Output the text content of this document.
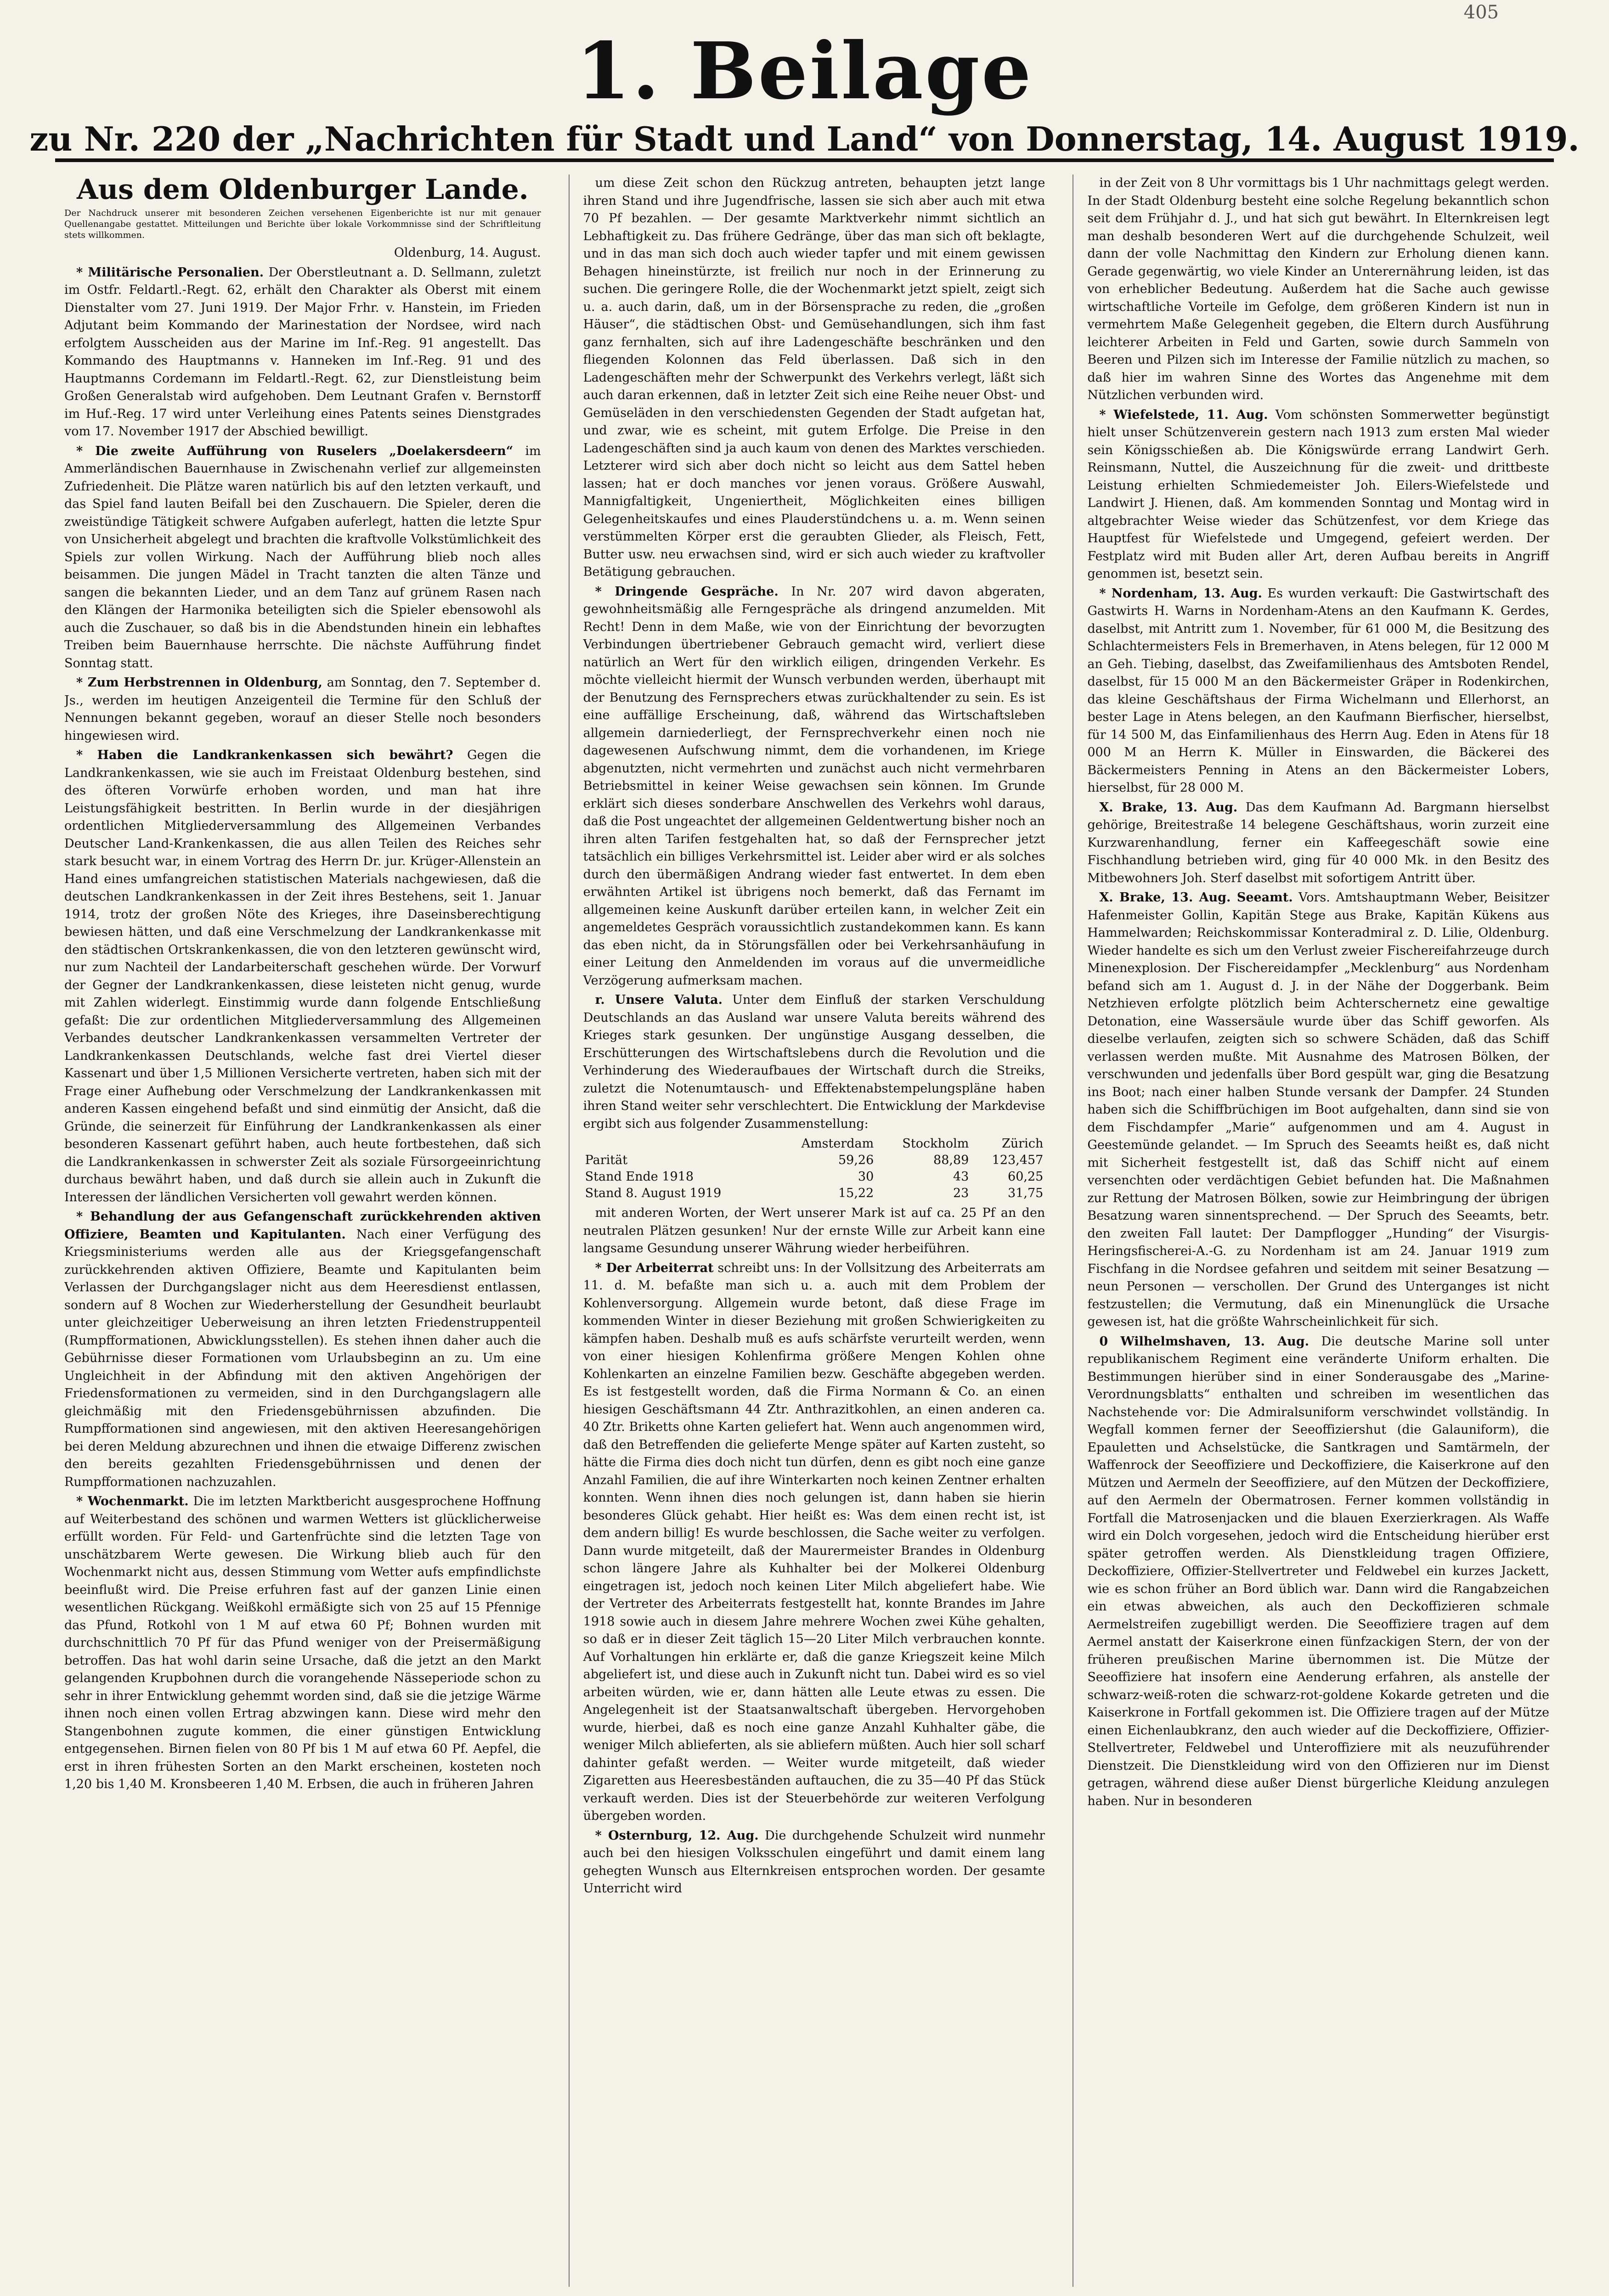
405
1. Beilage
zu Nr. 220 der „Nachrichten für Stadt und Land“ von Donnerstag, 14. August 1919.
Aus dem Oldenburger Lande.
Der Nachdruck unserer mit besonderen Zeichen versehenen Eigenberichte ist nur mit genauer Quellenangabe gestattet. Mitteilungen und Berichte über lokale Vorkommnisse sind der Schriftleitung stets willkommen.
Oldenburg, 14. August.

* Militärische Personalien. Der Oberstleutnant a. D. Sellmann, zuletzt im Ostfr. Feldartl.-Regt. 62, erhält den Charakter als Oberst mit einem Dienstalter vom 27. Juni 1919. Der Major Frhr. v. Hanstein, im Frieden Adjutant beim Kommando der Marinestation der Nordsee, wird nach erfolgtem Ausscheiden aus der Marine im Inf.-Reg. 91 angestellt. Das Kommando des Hauptmanns v. Hanneken im Inf.-Reg. 91 und des Hauptmanns Cordemann im Feldartl.-Regt. 62, zur Dienstleistung beim Großen Generalstab wird aufgehoben. Dem Leutnant Grafen v. Bernstorff im Huf.-Reg. 17 wird unter Verleihung eines Patents seines Dienstgrades vom 17. November 1917 der Abschied bewilligt.

* Die zweite Aufführung von Ruselers „Doelakersdeern“ im Ammerländischen Bauernhause in Zwischenahn verlief zur allgemeinsten Zufriedenheit. Die Plätze waren natürlich bis auf den letzten verkauft, und das Spiel fand lauten Beifall bei den Zuschauern. Die Spieler, deren die zweistündige Tätigkeit schwere Aufgaben auferlegt, hatten die letzte Spur von Unsicherheit abgelegt und brachten die kraftvolle Volkstümlichkeit des Spiels zur vollen Wirkung. Nach der Aufführung blieb noch alles beisammen. Die jungen Mädel in Tracht tanzten die alten Tänze und sangen die bekannten Lieder, und an dem Tanz auf grünem Rasen nach den Klängen der Harmonika beteiligten sich die Spieler ebensowohl als auch die Zuschauer, so daß bis in die Abendstunden hinein ein lebhaftes Treiben beim Bauernhause herrschte. Die nächste Aufführung findet Sonntag statt.

* Zum Herbstrennen in Oldenburg, am Sonntag, den 7. September d. Js., werden im heutigen Anzeigenteil die Termine für den Schluß der Nennungen bekannt gegeben, worauf an dieser Stelle noch besonders hingewiesen wird.

* Haben die Landkrankenkassen sich bewährt? Gegen die Landkrankenkassen, wie sie auch im Freistaat Oldenburg bestehen, sind des öfteren Vorwürfe erhoben worden, und man hat ihre Leistungsfähigkeit bestritten. In Berlin wurde in der diesjährigen ordentlichen Mitgliederversammlung des Allgemeinen Verbandes Deutscher Land-Krankenkassen, die aus allen Teilen des Reiches sehr stark besucht war, in einem Vortrag des Herrn Dr. jur. Krüger-Allenstein an Hand eines umfangreichen statistischen Materials nachgewiesen, daß die deutschen Landkrankenkassen in der Zeit ihres Bestehens, seit 1. Januar 1914, trotz der großen Nöte des Krieges, ihre Daseinsberechtigung bewiesen hätten, und daß eine Verschmelzung der Landkrankenkasse mit den städtischen Ortskrankenkassen, die von den letzteren gewünscht wird, nur zum Nachteil der Landarbeiterschaft geschehen würde. Der Vorwurf der Gegner der Landkrankenkassen, diese leisteten nicht genug, wurde mit Zahlen widerlegt. Einstimmig wurde dann folgende Entschließung gefaßt: Die zur ordentlichen Mitgliederversammlung des Allgemeinen Verbandes deutscher Landkrankenkassen versammelten Vertreter der Landkrankenkassen Deutschlands, welche fast drei Viertel dieser Kassenart und über 1,5 Millionen Versicherte vertreten, haben sich mit der Frage einer Aufhebung oder Verschmelzung der Landkrankenkassen mit anderen Kassen eingehend befaßt und sind einmütig der Ansicht, daß die Gründe, die seinerzeit für Einführung der Landkrankenkassen als einer besonderen Kassenart geführt haben, auch heute fortbestehen, daß sich die Landkrankenkassen in schwerster Zeit als soziale Fürsorgeeinrichtung durchaus bewährt haben, und daß durch sie allein auch in Zukunft die Interessen der ländlichen Versicherten voll gewahrt werden können.

* Behandlung der aus Gefangenschaft zurückkehrenden aktiven Offiziere, Beamten und Kapitulanten. Nach einer Verfügung des Kriegsministeriums werden alle aus der Kriegsgefangenschaft zurückkehrenden aktiven Offiziere, Beamte und Kapitulanten beim Verlassen der Durchgangslager nicht aus dem Heeresdienst entlassen, sondern auf 8 Wochen zur Wiederherstellung der Gesundheit beurlaubt unter gleichzeitiger Ueberweisung an ihren letzten Friedenstruppenteil (Rumpfformationen, Abwicklungsstellen). Es stehen ihnen daher auch die Gebührnisse dieser Formationen vom Urlaubsbeginn an zu. Um eine Ungleichheit in der Abfindung mit den aktiven Angehörigen der Friedensformationen zu vermeiden, sind in den Durchgangslagern alle gleichmäßig mit den Friedensgebührnissen abzufinden. Die Rumpfformationen sind angewiesen, mit den aktiven Heeresangehörigen bei deren Meldung abzurechnen und ihnen die etwaige Differenz zwischen den bereits gezahlten Friedensgebührnissen und denen der Rumpfformationen nachzuzahlen.

* Wochenmarkt. Die im letzten Marktbericht ausgesprochene Hoffnung auf Weiterbestand des schönen und warmen Wetters ist glücklicherweise erfüllt worden. Für Feld- und Gartenfrüchte sind die letzten Tage von unschätzbarem Werte gewesen. Die Wirkung blieb auch für den Wochenmarkt nicht aus, dessen Stimmung vom Wetter aufs empfindlichste beeinflußt wird. Die Preise erfuhren fast auf der ganzen Linie einen wesentlichen Rückgang. Weißkohl ermäßigte sich von 25 auf 15 Pfennige das Pfund, Rotkohl von 1 M auf etwa 60 Pf; Bohnen wurden mit durchschnittlich 70 Pf für das Pfund weniger von der Preisermäßigung betroffen. Das hat wohl darin seine Ursache, daß die jetzt an den Markt gelangenden Krupbohnen durch die vorangehende Nässeperiode schon zu sehr in ihrer Entwicklung gehemmt worden sind, daß sie die jetzige Wärme ihnen noch einen vollen Ertrag abzwingen kann. Diese wird mehr den Stangenbohnen zugute kommen, die einer günstigen Entwicklung entgegensehen. Birnen fielen von 80 Pf bis 1 M auf etwa 60 Pf. Aepfel, die erst in ihren frühesten Sorten an den Markt erscheinen, kosteten noch 1,20 bis 1,40 M. Kronsbeeren 1,40 M. Erbsen, die auch in früheren Jahren

um diese Zeit schon den Rückzug antreten, behaupten jetzt lange ihren Stand und ihre Jugendfrische, lassen sie sich aber auch mit etwa 70 Pf bezahlen. — Der gesamte Marktverkehr nimmt sichtlich an Lebhaftigkeit zu. Das frühere Gedränge, über das man sich oft beklagte, und in das man sich doch auch wieder tapfer und mit einem gewissen Behagen hineinstürzte, ist freilich nur noch in der Erinnerung zu suchen. Die geringere Rolle, die der Wochenmarkt jetzt spielt, zeigt sich u. a. auch darin, daß, um in der Börsensprache zu reden, die „großen Häuser“, die städtischen Obst- und Gemüsehandlungen, sich ihm fast ganz fernhalten, sich auf ihre Ladengeschäfte beschränken und den fliegenden Kolonnen das Feld überlassen. Daß sich in den Ladengeschäften mehr der Schwerpunkt des Verkehrs verlegt, läßt sich auch daran erkennen, daß in letzter Zeit sich eine Reihe neuer Obst- und Gemüseläden in den verschiedensten Gegenden der Stadt aufgetan hat, und zwar, wie es scheint, mit gutem Erfolge. Die Preise in den Ladengeschäften sind ja auch kaum von denen des Marktes verschieden. Letzterer wird sich aber doch nicht so leicht aus dem Sattel heben lassen; hat er doch manches vor jenen voraus. Größere Auswahl, Mannigfaltigkeit, Ungeniertheit, Möglichkeiten eines billigen Gelegenheitskaufes und eines Plauderstündchens u. a. m. Wenn seinen verstümmelten Körper erst die geraubten Glieder, als Fleisch, Fett, Butter usw. neu erwachsen sind, wird er sich auch wieder zu kraftvoller Betätigung gebrauchen.

* Dringende Gespräche. In Nr. 207 wird davon abgeraten, gewohnheitsmäßig alle Ferngespräche als dringend anzumelden. Mit Recht! Denn in dem Maße, wie von der Einrichtung der bevorzugten Verbindungen übertriebener Gebrauch gemacht wird, verliert diese natürlich an Wert für den wirklich eiligen, dringenden Verkehr. Es möchte vielleicht hiermit der Wunsch verbunden werden, überhaupt mit der Benutzung des Fernsprechers etwas zurückhaltender zu sein. Es ist eine auffällige Erscheinung, daß, während das Wirtschaftsleben allgemein darniederliegt, der Fernsprechverkehr einen noch nie dagewesenen Aufschwung nimmt, dem die vorhandenen, im Kriege abgenutzten, nicht vermehrten und zunächst auch nicht vermehrbaren Betriebsmittel in keiner Weise gewachsen sein können. Im Grunde erklärt sich dieses sonderbare Anschwellen des Verkehrs wohl daraus, daß die Post ungeachtet der allgemeinen Geldentwertung bisher noch an ihren alten Tarifen festgehalten hat, so daß der Fernsprecher jetzt tatsächlich ein billiges Verkehrsmittel ist. Leider aber wird er als solches durch den übermäßigen Andrang wieder fast entwertet. In dem eben erwähnten Artikel ist übrigens noch bemerkt, daß das Fernamt im allgemeinen keine Auskunft darüber erteilen kann, in welcher Zeit ein angemeldetes Gespräch voraussichtlich zustandekommen kann. Es kann das eben nicht, da in Störungsfällen oder bei Verkehrsanhäufung in einer Leitung den Anmeldenden im voraus auf die unvermeidliche Verzögerung aufmerksam machen.

r. Unsere Valuta. Unter dem Einfluß der starken Verschuldung Deutschlands an das Ausland war unsere Valuta bereits während des Krieges stark gesunken. Der ungünstige Ausgang desselben, die Erschütterungen des Wirtschaftslebens durch die Revolution und die Verhinderung des Wiederaufbaues der Wirtschaft durch die Streiks, zuletzt die Notenumtausch- und Effektenabstempelungspläne haben ihren Stand weiter sehr verschlechtert. Die Entwicklung der Markdevise ergibt sich aus folgender Zusammenstellung:

	Amsterdam	Stockholm	Zürich
Parität	59,26	88,89	123,457
Stand Ende 1918	30	43	60,25
Stand 8. August 1919	15,22	23	31,75

mit anderen Worten, der Wert unserer Mark ist auf ca. 25 Pf an den neutralen Plätzen gesunken! Nur der ernste Wille zur Arbeit kann eine langsame Gesundung unserer Währung wieder herbeiführen.

* Der Arbeiterrat schreibt uns: In der Vollsitzung des Arbeiterrats am 11. d. M. befaßte man sich u. a. auch mit dem Problem der Kohlenversorgung. Allgemein wurde betont, daß diese Frage im kommenden Winter in dieser Beziehung mit großen Schwierigkeiten zu kämpfen haben. Deshalb muß es aufs schärfste verurteilt werden, wenn von einer hiesigen Kohlenfirma größere Mengen Kohlen ohne Kohlenkarten an einzelne Familien bezw. Geschäfte abgegeben werden. Es ist festgestellt worden, daß die Firma Normann & Co. an einen hiesigen Geschäftsmann 44 Ztr. Anthrazitkohlen, an einen anderen ca. 40 Ztr. Briketts ohne Karten geliefert hat. Wenn auch angenommen wird, daß den Betreffenden die gelieferte Menge später auf Karten zusteht, so hätte die Firma dies doch nicht tun dürfen, denn es gibt noch eine ganze Anzahl Familien, die auf ihre Winterkarten noch keinen Zentner erhalten konnten. Wenn ihnen dies noch gelungen ist, dann haben sie hierin besonderes Glück gehabt. Hier heißt es: Was dem einen recht ist, ist dem andern billig! Es wurde beschlossen, die Sache weiter zu verfolgen. Dann wurde mitgeteilt, daß der Maurermeister Brandes in Oldenburg schon längere Jahre als Kuhhalter bei der Molkerei Oldenburg eingetragen ist, jedoch noch keinen Liter Milch abgeliefert habe. Wie der Vertreter des Arbeiterrats festgestellt hat, konnte Brandes im Jahre 1918 sowie auch in diesem Jahre mehrere Wochen zwei Kühe gehalten, so daß er in dieser Zeit täglich 15—20 Liter Milch verbrauchen konnte. Auf Vorhaltungen hin erklärte er, daß die ganze Kriegszeit keine Milch abgeliefert ist, und diese auch in Zukunft nicht tun. Dabei wird es so viel arbeiten würden, wie er, dann hätten alle Leute etwas zu essen. Die Angelegenheit ist der Staatsanwaltschaft übergeben. Hervorgehoben wurde, hierbei, daß es noch eine ganze Anzahl Kuhhalter gäbe, die weniger Milch ablieferten, als sie abliefern müßten. Auch hier soll scharf dahinter gefaßt werden. — Weiter wurde mitgeteilt, daß wieder Zigaretten aus Heeresbeständen auftauchen, die zu 35—40 Pf das Stück verkauft werden. Dies ist der Steuerbehörde zur weiteren Verfolgung übergeben worden.

* Osternburg, 12. Aug. Die durchgehende Schulzeit wird nunmehr auch bei den hiesigen Volksschulen eingeführt und damit einem lang gehegten Wunsch aus Elternkreisen entsprochen worden. Der gesamte Unterricht wird

in der Zeit von 8 Uhr vormittags bis 1 Uhr nachmittags gelegt werden. In der Stadt Oldenburg besteht eine solche Regelung bekanntlich schon seit dem Frühjahr d. J., und hat sich gut bewährt. In Elternkreisen legt man deshalb besonderen Wert auf die durchgehende Schulzeit, weil dann der volle Nachmittag den Kindern zur Erholung dienen kann. Gerade gegenwärtig, wo viele Kinder an Unterernährung leiden, ist das von erheblicher Bedeutung. Außerdem hat die Sache auch gewisse wirtschaftliche Vorteile im Gefolge, dem größeren Kindern ist nun in vermehrtem Maße Gelegenheit gegeben, die Eltern durch Ausführung leichterer Arbeiten in Feld und Garten, sowie durch Sammeln von Beeren und Pilzen sich im Interesse der Familie nützlich zu machen, so daß hier im wahren Sinne des Wortes das Angenehme mit dem Nützlichen verbunden wird.

* Wiefelstede, 11. Aug. Vom schönsten Sommerwetter begünstigt hielt unser Schützenverein gestern nach 1913 zum ersten Mal wieder sein Königsschießen ab. Die Königswürde errang Landwirt Gerh. Reinsmann, Nuttel, die Auszeichnung für die zweit- und drittbeste Leistung erhielten Schmiedemeister Joh. Eilers-Wiefelstede und Landwirt J. Hienen, daß. Am kommenden Sonntag und Montag wird in altgebrachter Weise wieder das Schützenfest, vor dem Kriege das Hauptfest für Wiefelstede und Umgegend, gefeiert werden. Der Festplatz wird mit Buden aller Art, deren Aufbau bereits in Angriff genommen ist, besetzt sein.

* Nordenham, 13. Aug. Es wurden verkauft: Die Gastwirtschaft des Gastwirts H. Warns in Nordenham-Atens an den Kaufmann K. Gerdes, daselbst, mit Antritt zum 1. November, für 61 000 M, die Besitzung des Schlachtermeisters Fels in Bremerhaven, in Atens belegen, für 12 000 M an Geh. Tiebing, daselbst, das Zweifamilienhaus des Amtsboten Rendel, daselbst, für 15 000 M an den Bäckermeister Gräper in Rodenkirchen, das kleine Geschäftshaus der Firma Wichelmann und Ellerhorst, an bester Lage in Atens belegen, an den Kaufmann Bierfischer, hierselbst, für 14 500 M, das Einfamilienhaus des Herrn Aug. Eden in Atens für 18 000 M an Herrn K. Müller in Einswarden, die Bäckerei des Bäckermeisters Penning in Atens an den Bäckermeister Lobers, hierselbst, für 28 000 M.

X. Brake, 13. Aug. Das dem Kaufmann Ad. Bargmann hierselbst gehörige, Breitestraße 14 belegene Geschäftshaus, worin zurzeit eine Kurzwarenhandlung, ferner ein Kaffeegeschäft sowie eine Fischhandlung betrieben wird, ging für 40 000 Mk. in den Besitz des Mitbewohners Joh. Sterf daselbst mit sofortigem Antritt über.

X. Brake, 13. Aug. Seeamt. Vors. Amtshauptmann Weber, Beisitzer Hafenmeister Gollin, Kapitän Stege aus Brake, Kapitän Kükens aus Hammelwarden; Reichskommissar Konteradmiral z. D. Lilie, Oldenburg. Wieder handelte es sich um den Verlust zweier Fischereifahrzeuge durch Minenexplosion. Der Fischereidampfer „Mecklenburg“ aus Nordenham befand sich am 1. August d. J. in der Nähe der Doggerbank. Beim Netzhieven erfolgte plötzlich beim Achterschernetz eine gewaltige Detonation, eine Wassersäule wurde über das Schiff geworfen. Als dieselbe verlaufen, zeigten sich so schwere Schäden, daß das Schiff verlassen werden mußte. Mit Ausnahme des Matrosen Bölken, der verschwunden und jedenfalls über Bord gespült war, ging die Besatzung ins Boot; nach einer halben Stunde versank der Dampfer. 24 Stunden haben sich die Schiffbrüchigen im Boot aufgehalten, dann sind sie von dem Fischdampfer „Marie“ aufgenommen und am 4. August in Geestemünde gelandet. — Im Spruch des Seeamts heißt es, daß nicht mit Sicherheit festgestellt ist, daß das Schiff nicht auf einem versenchten oder verdächtigen Gebiet befunden hat. Die Maßnahmen zur Rettung der Matrosen Bölken, sowie zur Heimbringung der übrigen Besatzung waren sinnentsprechend. — Der Spruch des Seeamts, betr. den zweiten Fall lautet: Der Dampflogger „Hunding“ der Visurgis-Heringsfischerei-A.-G. zu Nordenham ist am 24. Januar 1919 zum Fischfang in die Nordsee gefahren und seitdem mit seiner Besatzung — neun Personen — verschollen. Der Grund des Unterganges ist nicht festzustellen; die Vermutung, daß ein Minenunglück die Ursache gewesen ist, hat die größte Wahrscheinlichkeit für sich.

0 Wilhelmshaven, 13. Aug. Die deutsche Marine soll unter republikanischem Regiment eine veränderte Uniform erhalten. Die Bestimmungen hierüber sind in einer Sonderausgabe des „Marine-Verordnungsblatts“ enthalten und schreiben im wesentlichen das Nachstehende vor: Die Admiralsuniform verschwindet vollständig. In Wegfall kommen ferner der Seeoffiziershut (die Galauniform), die Epauletten und Achselstücke, die Santkragen und Samtärmeln, der Waffenrock der Seeoffiziere und Deckoffiziere, die Kaiserkrone auf den Mützen und Aermeln der Seeoffiziere, auf den Mützen der Deckoffiziere, auf den Aermeln der Obermatrosen. Ferner kommen vollständig in Fortfall die Matrosenjacken und die blauen Exerzierkragen. Als Waffe wird ein Dolch vorgesehen, jedoch wird die Entscheidung hierüber erst später getroffen werden. Als Dienstkleidung tragen Offiziere, Deckoffiziere, Offizier-Stellvertreter und Feldwebel ein kurzes Jackett, wie es schon früher an Bord üblich war. Dann wird die Rangabzeichen ein etwas abweichen, als auch den Deckoffizieren schmale Aermelstreifen zugebilligt werden. Die Seeoffiziere tragen auf dem Aermel anstatt der Kaiserkrone einen fünfzackigen Stern, der von der früheren preußischen Marine übernommen ist. Die Mütze der Seeoffiziere hat insofern eine Aenderung erfahren, als anstelle der schwarz-weiß-roten die schwarz-rot-goldene Kokarde getreten und die Kaiserkrone in Fortfall gekommen ist. Die Offiziere tragen auf der Mütze einen Eichenlaubkranz, den auch wieder auf die Deckoffiziere, Offizier-Stellvertreter, Feldwebel und Unteroffiziere mit als neuzuführender Dienstzeit. Die Dienstkleidung wird von den Offizieren nur im Dienst getragen, während diese außer Dienst bürgerliche Kleidung anzulegen haben. Nur in besonderen
